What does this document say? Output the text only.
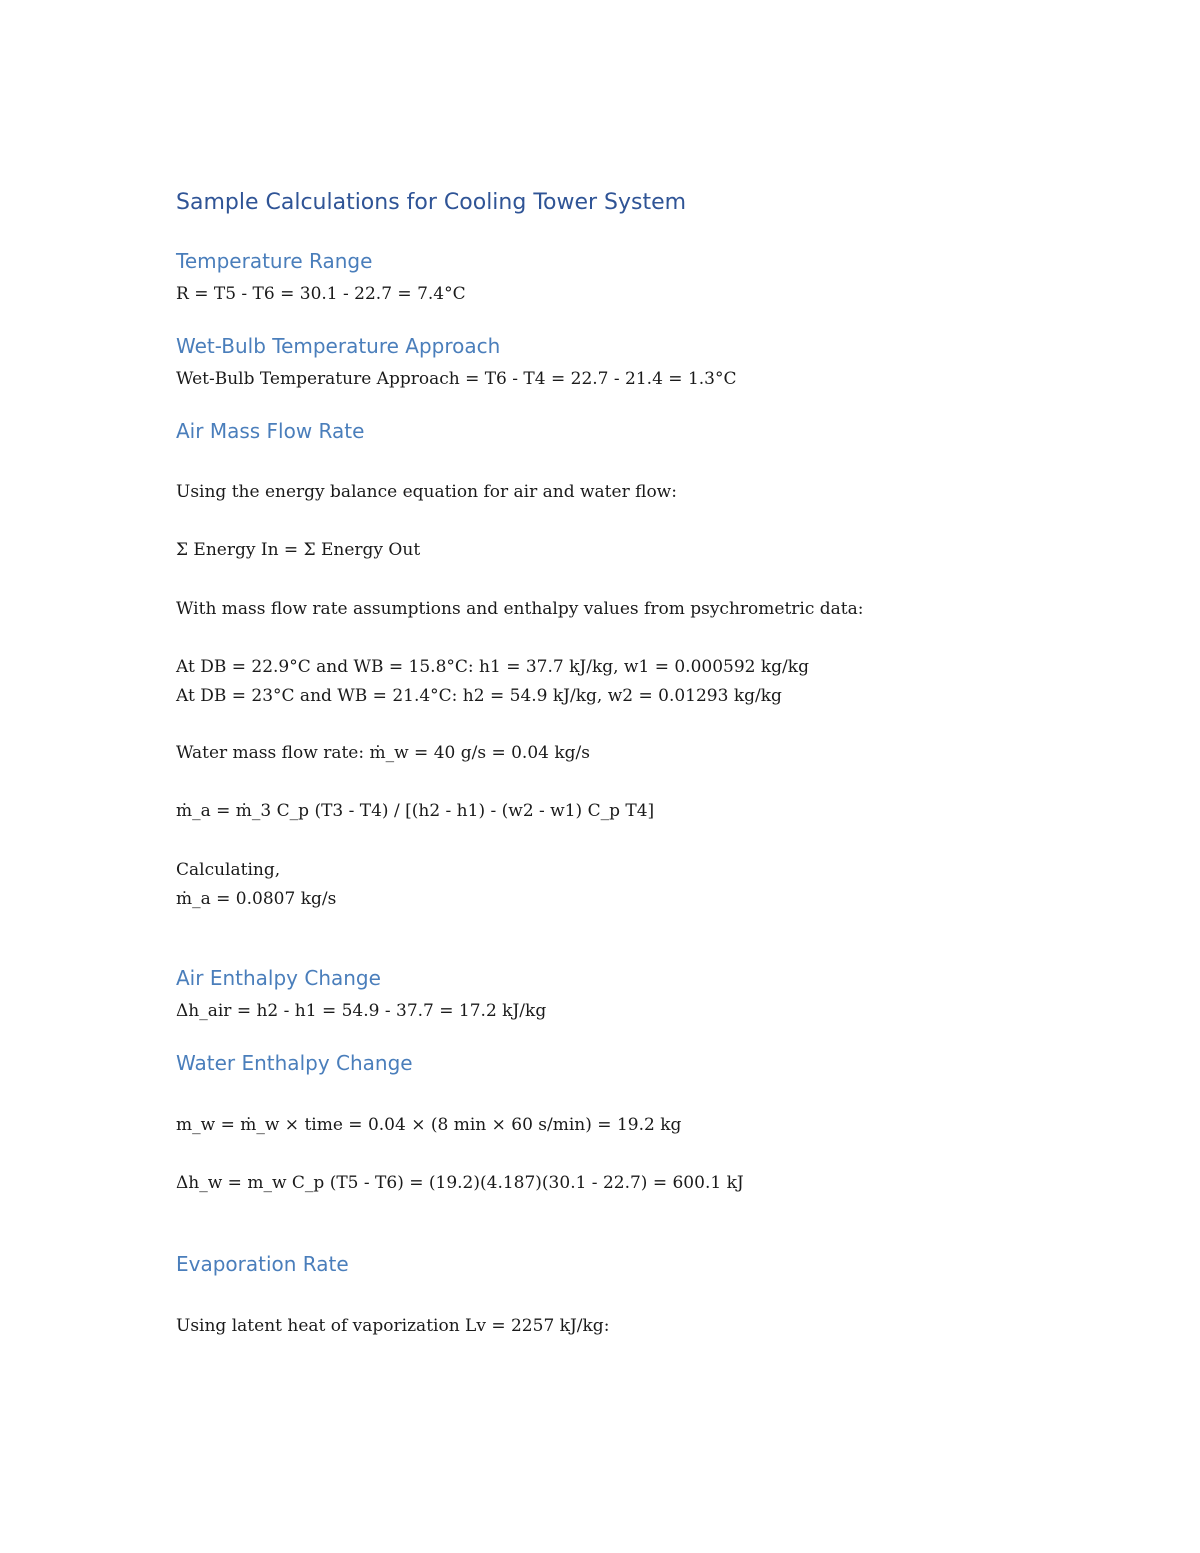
Sample Calculations for Cooling Tower System
Temperature Range

R = T5 - T6 = 30.1 - 22.7 = 7.4°C

Wet-Bulb Temperature Approach

Wet-Bulb Temperature Approach = T6 - T4 = 22.7 - 21.4 = 1.3°C

Air Mass Flow Rate

Using the energy balance equation for air and water flow:

Σ Energy In = Σ Energy Out

With mass flow rate assumptions and enthalpy values from psychrometric data:

At DB = 22.9°C and WB = 15.8°C: h1 = 37.7 kJ/kg, w1 = 0.000592 kg/kg

At DB = 23°C and WB = 21.4°C: h2 = 54.9 kJ/kg, w2 = 0.01293 kg/kg

Water mass flow rate: ṁ_w = 40 g/s = 0.04 kg/s

ṁ_a = ṁ_3 C_p (T3 - T4) / [(h2 - h1) - (w2 - w1) C_p T4]

Calculating,

ṁ_a = 0.0807 kg/s

Air Enthalpy Change

Δh_air = h2 - h1 = 54.9 - 37.7 = 17.2 kJ/kg

Water Enthalpy Change

m_w = ṁ_w × time = 0.04 × (8 min × 60 s/min) = 19.2 kg

Δh_w = m_w C_p (T5 - T6) = (19.2)(4.187)(30.1 - 22.7) = 600.1 kJ

Evaporation Rate

Using latent heat of vaporization Lv = 2257 kJ/kg:
